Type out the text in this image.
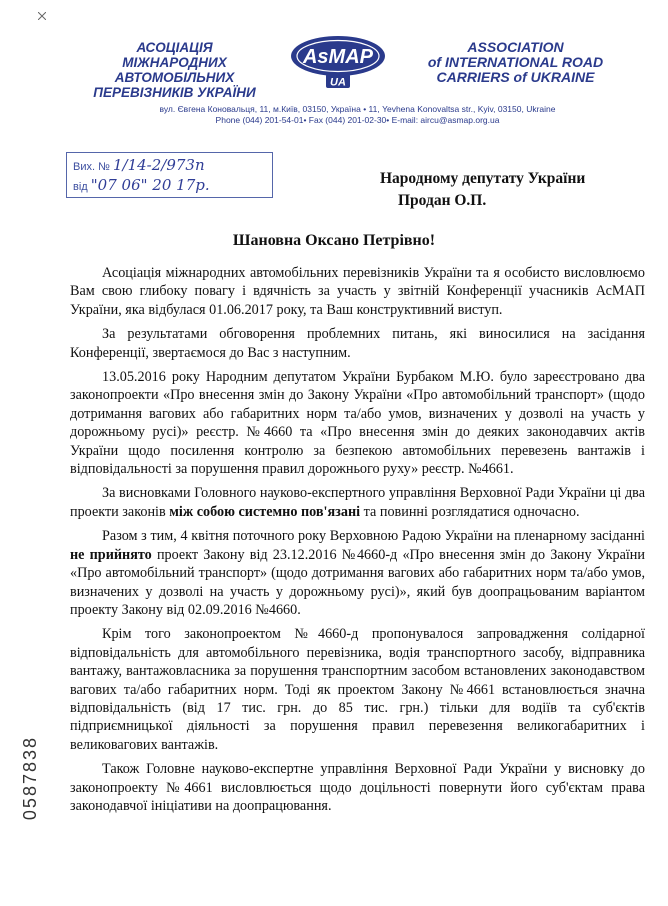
АСОЦІАЦІЯ
МІЖНАРОДНИХ АВТОМОБІЛЬНИХ
ПЕРЕВІЗНИКІВ УКРАЇНИ
AsMAP
UA
ASSOCIATION
of INTERNATIONAL ROAD
CARRIERS of UKRAINE
вул. Євгена Коновальця, 11, м.Київ, 03150, Україна • 11, Yevhena Konovaltsa str., Kyiv, 03150, Ukraine
Phone (044) 201-54-01• Fax (044) 201-02-30• E-mail: aircu@asmap.org.ua
Вих. № 1/14-2/973п
від "07 06" 20 17р.	Народному депутату України
Продан О.П.
Шановна Оксано Петрівно!

Асоціація міжнародних автомобільних перевізників України та я особисто висловлюємо Вам свою глибоку повагу і вдячність за участь у звітній Конференції учасників АсМАП України, яка відбулася 01.06.2017 року, та Ваш конструктивний виступ.

За результатами обговорення проблемних питань, які виносилися на засідання Конференції, звертаємося до Вас з наступним.

13.05.2016 року Народним депутатом України Бурбаком М.Ю. було зареєстровано два законопроекти «Про внесення змін до Закону України «Про автомобільний транспорт» (щодо дотримання вагових або габаритних норм та/або умов, визначених у дозволі на участь у дорожньому русі)» реєстр. №4660 та «Про внесення змін до деяких законодавчих актів України щодо посилення контролю за безпекою автомобільних перевезень вантажів і відповідальності за порушення правил дорожнього руху» реєстр. №4661.

За висновками Головного науково-експертного управління Верховної Ради України ці два проекти законів між собою системно пов'язані та повинні розглядатися одночасно.

Разом з тим, 4 квітня поточного року Верховною Радою України на пленарному засіданні не прийнято проект Закону від 23.12.2016 №4660-д «Про внесення змін до Закону України «Про автомобільний транспорт» (щодо дотримання вагових або габаритних норм та/або умов, визначених у дозволі на участь у дорожньому русі)», який був доопрацьованим варіантом проекту Закону від 02.09.2016 №4660.

Крім того законопроектом №4660-д пропонувалося запровадження солідарної відповідальність для автомобільного перевізника, водія транспортного засобу, відправника вантажу, вантажовласника за порушення транспортним засобом встановлених законодавством вагових та/або габаритних норм. Тоді як проектом Закону №4661 встановлюється значна відповідальність (від 17 тис. грн. до 85 тис. грн.) тільки для водіїв та суб'єктів підприємницької діяльності за порушення правил перевезення великогабаритних і великовагових вантажів.

Також Головне науково-експертне управління Верховної Ради України у висновку до законопроекту №4661 висловлюється щодо доцільності повернути його суб'єктам права законодавчої ініціативи на доопрацювання.

0587838
